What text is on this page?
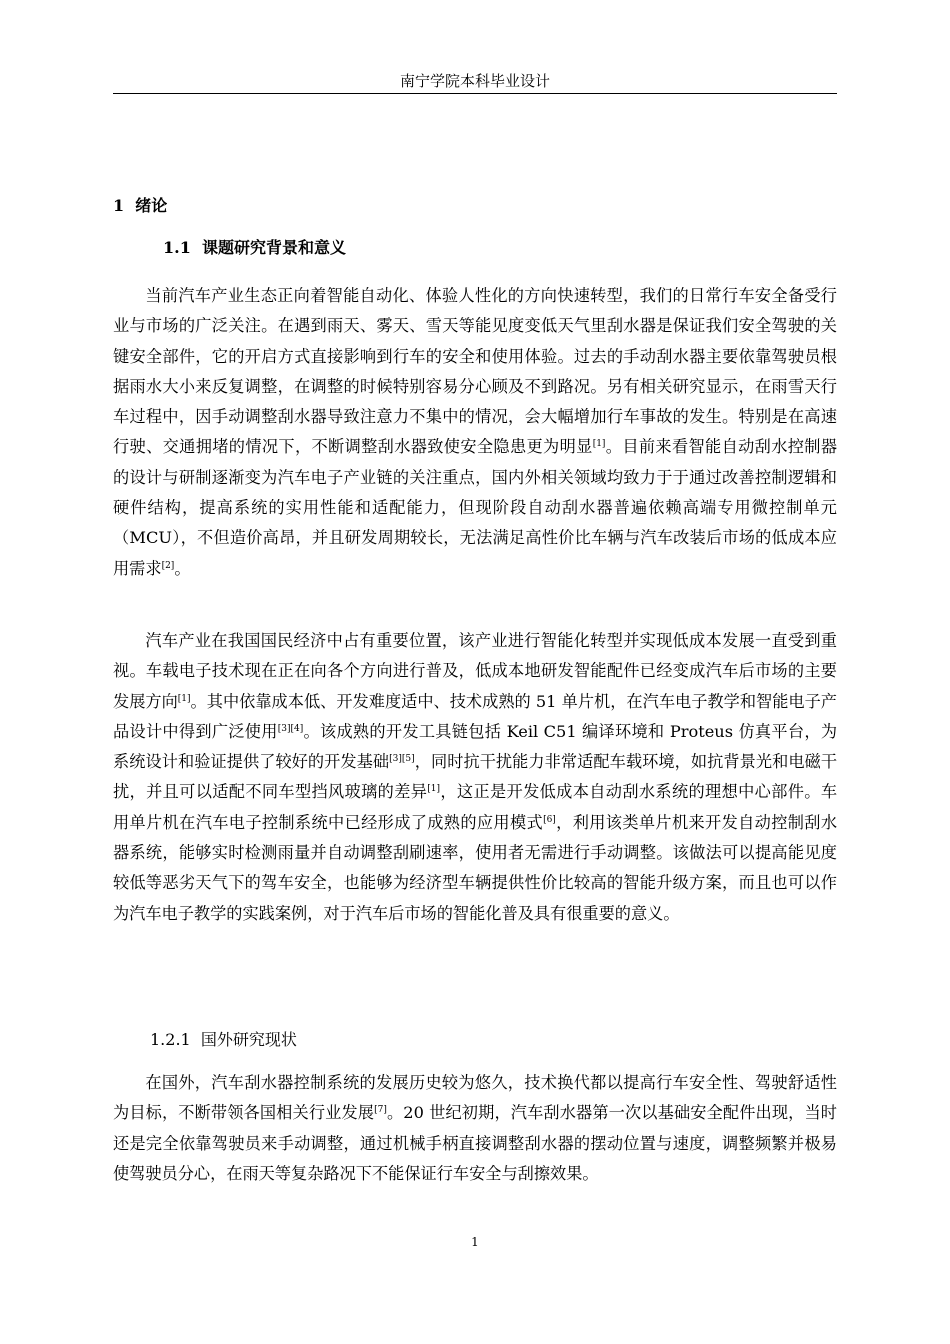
南宁学院本科毕业设计
1  绪论
1.1  课题研究背景和意义

当前汽车产业生态正向着智能自动化、体验人性化的方向快速转型，我们的日常行车安全备受行业与市场的广泛关注。在遇到雨天、雾天、雪天等能见度变低天气里刮水器是保证我们安全驾驶的关键安全部件，它的开启方式直接影响到行车的安全和使用体验。过去的手动刮水器主要依靠驾驶员根据雨水大小来反复调整，在调整的时候特别容易分心顾及不到路况。另有相关研究显示，在雨雪天行车过程中，因手动调整刮水器导致注意力不集中的情况，会大幅增加行车事故的发生。特别是在高速行驶、交通拥堵的情况下，不断调整刮水器致使安全隐患更为明显[1]。目前来看智能自动刮水控制器的设计与研制逐渐变为汽车电子产业链的关注重点，国内外相关领域均致力于于通过改善控制逻辑和硬件结构，提高系统的实用性能和适配能力，但现阶段自动刮水器普遍依赖高端专用微控制单元（MCU），不但造价高昂，并且研发周期较长，无法满足高性价比车辆与汽车改装后市场的低成本应用需求[2]。

汽车产业在我国国民经济中占有重要位置，该产业进行智能化转型并实现低成本发展一直受到重视。车载电子技术现在正在向各个方向进行普及，低成本地研发智能配件已经变成汽车后市场的主要发展方向[1]。其中依靠成本低、开发难度适中、技术成熟的 51 单片机，在汽车电子教学和智能电子产品设计中得到广泛使用[3][4]。该成熟的开发工具链包括 Keil C51 编译环境和 Proteus 仿真平台，为系统设计和验证提供了较好的开发基础[3][5]，同时抗干扰能力非常适配车载环境，如抗背景光和电磁干扰，并且可以适配不同车型挡风玻璃的差异[1]，这正是开发低成本自动刮水系统的理想中心部件。车用单片机在汽车电子控制系统中已经形成了成熟的应用模式[6]，利用该类单片机来开发自动控制刮水器系统，能够实时检测雨量并自动调整刮刷速率，使用者无需进行手动调整。该做法可以提高能见度较低等恶劣天气下的驾车安全，也能够为经济型车辆提供性价比较高的智能升级方案，而且也可以作为汽车电子教学的实践案例，对于汽车后市场的智能化普及具有很重要的意义。

1.2.1  国外研究现状

在国外，汽车刮水器控制系统的发展历史较为悠久，技术换代都以提高行车安全性、驾驶舒适性为目标，不断带领各国相关行业发展[7]。20 世纪初期，汽车刮水器第一次以基础安全配件出现，当时还是完全依靠驾驶员来手动调整，通过机械手柄直接调整刮水器的摆动位置与速度，调整频繁并极易使驾驶员分心，在雨天等复杂路况下不能保证行车安全与刮擦效果。

1
